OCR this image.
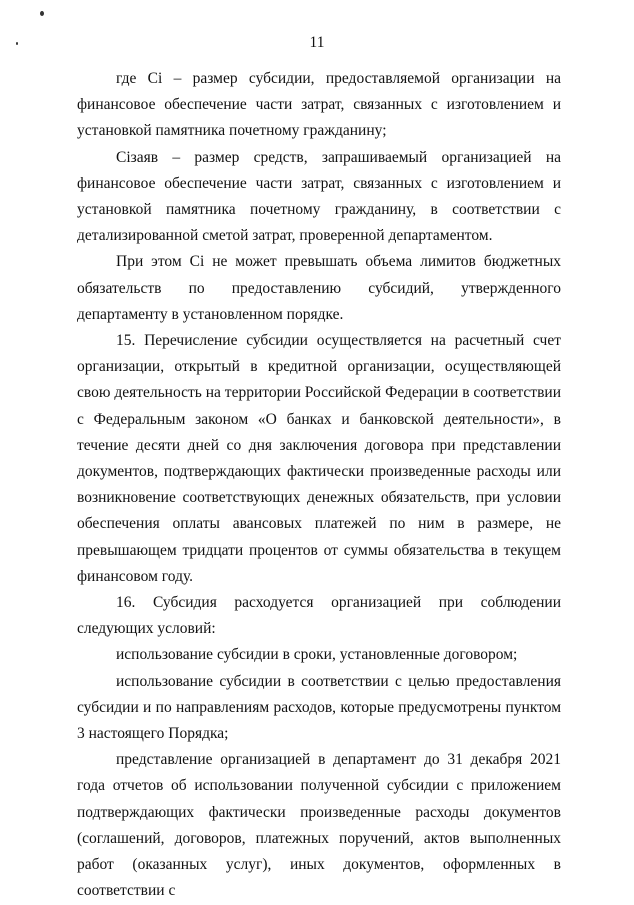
11

где Сi – размер субсидии, предоставляемой организации на финансовое обеспечение части затрат, связанных с изготовлением и установкой памятника почетному гражданину;

Сiзаяв – размер средств, запрашиваемый организацией на финансовое обеспечение части затрат, связанных с изготовлением и установкой памятника почетному гражданину, в соответствии с детализированной сметой затрат, проверенной департаментом.

При этом Сi не может превышать объема лимитов бюджетных обязательств по предоставлению субсидий, утвержденного департаменту в установленном порядке.

15. Перечисление субсидии осуществляется на расчетный счет организации, открытый в кредитной организации, осуществляющей свою деятельность на территории Российской Федерации в соответствии с Федеральным законом «О банках и банковской деятельности», в течение десяти дней со дня заключения договора при представлении документов, подтверждающих фактически произведенные расходы или возникновение соответствующих денежных обязательств, при условии обеспечения оплаты авансовых платежей по ним в размере, не превышающем тридцати процентов от суммы обязательства в текущем финансовом году.

16. Субсидия расходуется организацией при соблюдении следующих условий:

использование субсидии в сроки, установленные договором;

использование субсидии в соответствии с целью предоставления субсидии и по направлениям расходов, которые предусмотрены пунктом 3 настоящего Порядка;

представление организацией в департамент до 31 декабря 2021 года отчетов об использовании полученной субсидии с приложением подтверждающих фактически произведенные расходы документов (соглашений, договоров, платежных поручений, актов выполненных работ (оказанных услуг), иных документов, оформленных в соответствии с
